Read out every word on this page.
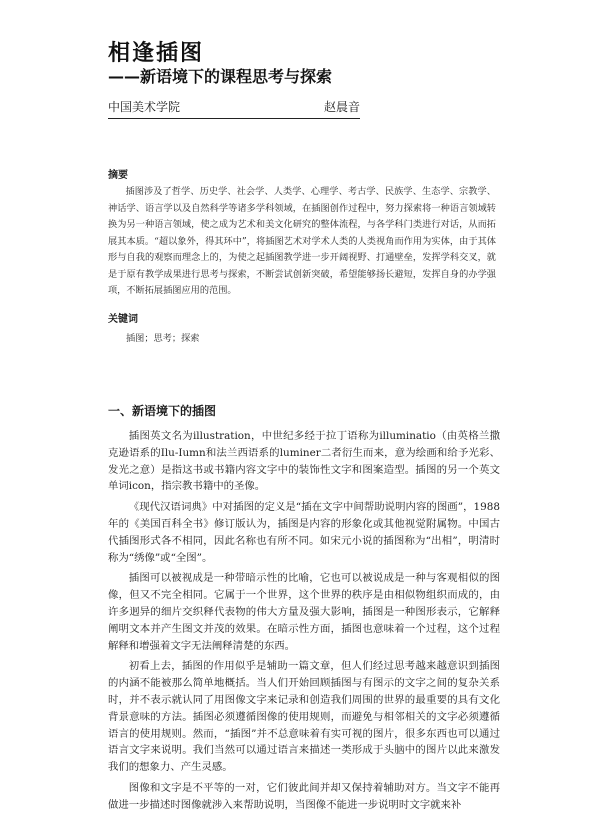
相逢插图
——新语境下的课程思考与探索
中国美术学院	赵晨音
摘要

插图涉及了哲学、历史学、社会学、人类学、心理学、考古学、民族学、生态学、宗教学、神话学、语言学以及自然科学等诸多学科领域，在插图创作过程中，努力探索将一种语言领域转换为另一种语言领域，使之成为艺术和美文化研究的整体流程，与各学科门类进行对话，从而拓展其本质。“超以象外，得其环中”，将插图艺术对学术人类的人类视角而作用为实体，由于其体形与自我的观察而理念上的，为使之起插图教学进一步开阔视野、打通壁垒，发挥学科交叉，就是于原有教学成果进行思考与探索，不断尝试创新突破，希望能够扬长避短，发挥自身的办学强项，不断拓展插图应用的范围。

关键词
插图；思考；探索
一、新语境下的插图

插图英文名为illustration，中世纪多经于拉丁语称为illuminatio（由英格兰撒克逊语系的Ilu-Iumn和法兰西语系的luminer二者衍生而来，意为绘画和给予光彩、发光之意）是指这书或书籍内容文字中的装饰性文字和图案造型。插图的另一个英文单词icon，指宗教书籍中的圣像。

《现代汉语词典》中对插图的定义是“插在文字中间帮助说明内容的图画”，1988年的《美国百科全书》修订版认为，插图是内容的形象化或其他视觉附属物。中国古代插图形式各不相同，因此名称也有所不同。如宋元小说的插图称为“出相”，明清时称为“绣像”或“全图”。

插图可以被视成是一种带暗示性的比喻，它也可以被说成是一种与客观相似的图像，但又不完全相同。它属于一个世界，这个世界的秩序是由相似物组织而成的，由许多迥异的细片交织释代表物的伟大方量及强大影响，插图是一种图形表示，它解释阐明文本并产生图文并茂的效果。在暗示性方面，插图也意味着一个过程，这个过程解释和增强着文字无法阐释清楚的东西。

初看上去，插图的作用似乎是辅助一篇文章，但人们经过思考越来越意识到插图的内涵不能被那么简单地概括。当人们开始回顾插图与有图示的文字之间的复杂关系时，并不表示就认同了用图像文字来记录和创造我们周围的世界的最重要的具有文化背景意味的方法。插图必须遵循图像的使用规则，而避免与相邻相关的文字必须遵循语言的使用规则。然而，“插图”并不总意味着有实可视的图片，很多东西也可以通过语言文字来说明。我们当然可以通过语言来描述一类形成于头脑中的图片以此来激发我们的想象力、产生灵感。

图像和文字是不平等的一对，它们彼此间并却又保持着辅助对方。当文字不能再做进一步描述时图像就涉入来帮助说明，当图像不能进一步说明时文字就来补
